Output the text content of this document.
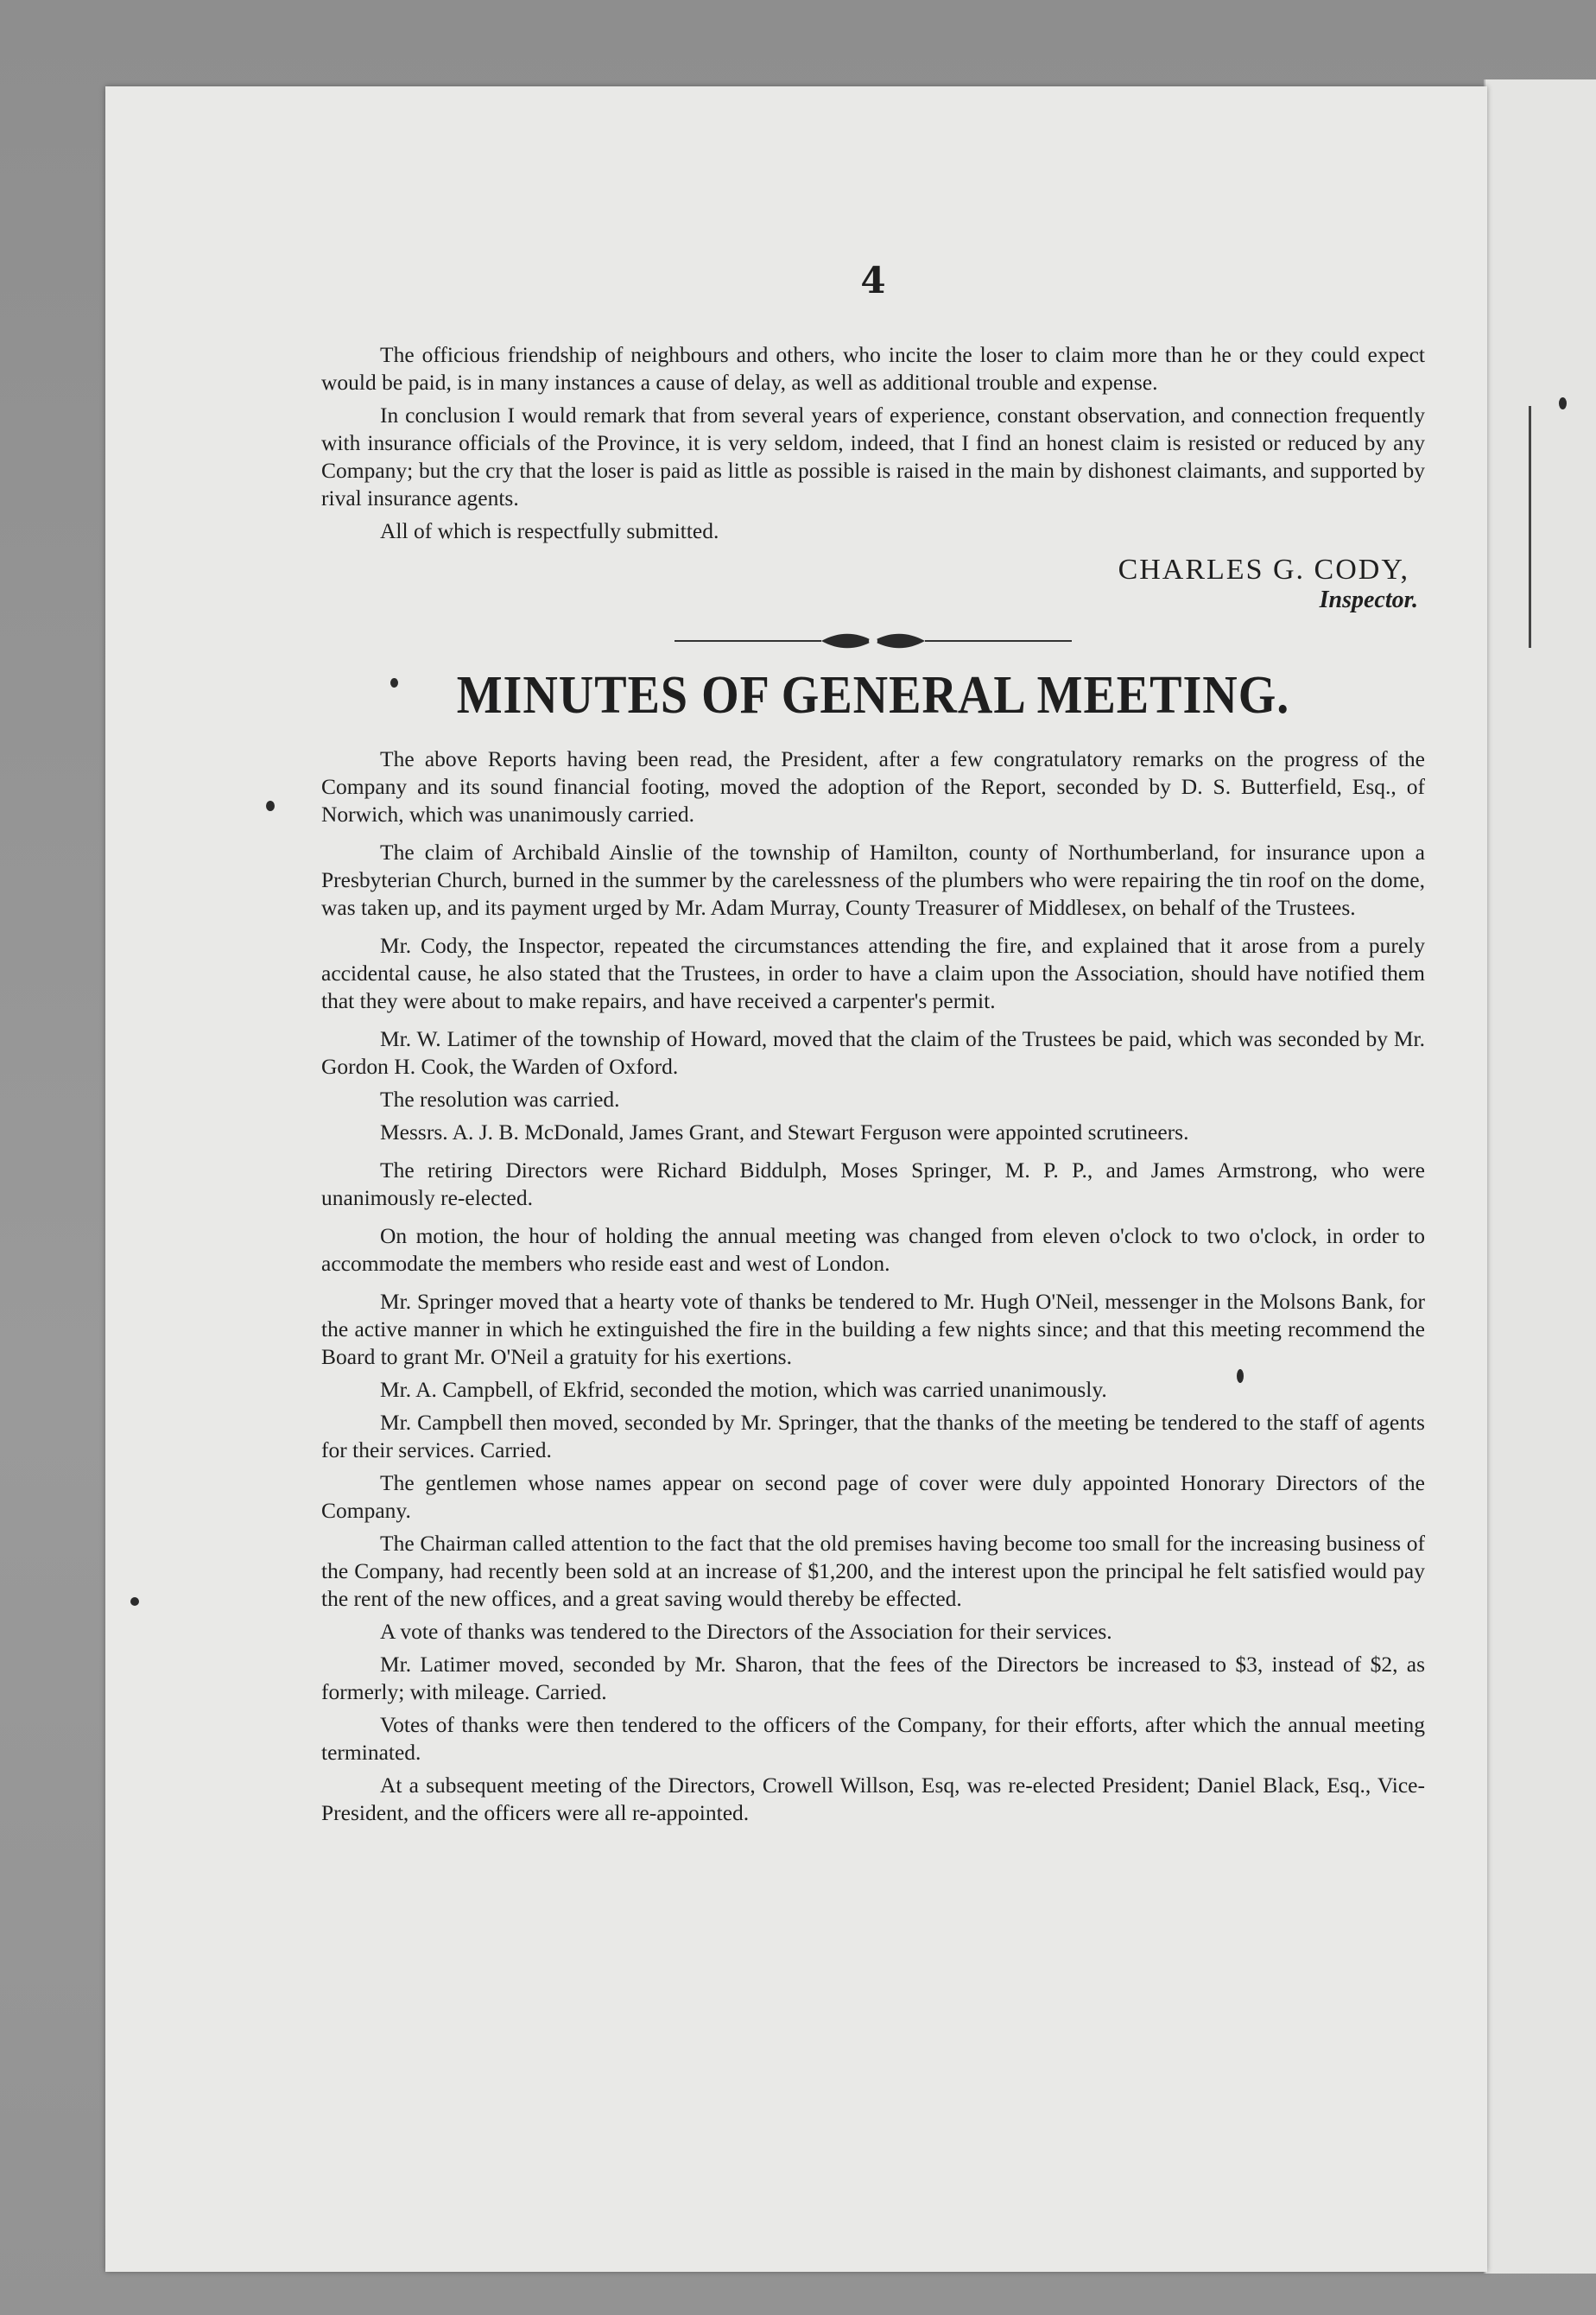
4

The officious friendship of neighbours and others, who incite the loser to claim more than he or they could expect would be paid, is in many instances a cause of delay, as well as additional trouble and expense.

In conclusion I would remark that from several years of experience, constant observation, and connection frequently with insurance officials of the Province, it is very seldom, indeed, that I find an honest claim is resisted or reduced by any Company; but the cry that the loser is paid as little as possible is raised in the main by dishonest claimants, and supported by rival insurance agents.

All of which is respectfully submitted.

CHARLES G. CODY,
Inspector.
MINUTES OF GENERAL MEETING.

The above Reports having been read, the President, after a few congratulatory remarks on the progress of the Company and its sound financial footing, moved the adoption of the Report, seconded by D. S. Butterfield, Esq., of Norwich, which was unanimously carried.

The claim of Archibald Ainslie of the township of Hamilton, county of Northumberland, for insurance upon a Presbyterian Church, burned in the summer by the carelessness of the plumbers who were repairing the tin roof on the dome, was taken up, and its payment urged by Mr. Adam Murray, County Treasurer of Middlesex, on behalf of the Trustees.

Mr. Cody, the Inspector, repeated the circumstances attending the fire, and explained that it arose from a purely accidental cause, he also stated that the Trustees, in order to have a claim upon the Association, should have notified them that they were about to make repairs, and have received a carpenter's permit.

Mr. W. Latimer of the township of Howard, moved that the claim of the Trustees be paid, which was seconded by Mr. Gordon H. Cook, the Warden of Oxford.

The resolution was carried.

Messrs. A. J. B. McDonald, James Grant, and Stewart Ferguson were appointed scrutineers.

The retiring Directors were Richard Biddulph, Moses Springer, M. P. P., and James Armstrong, who were unanimously re-elected.

On motion, the hour of holding the annual meeting was changed from eleven o'clock to two o'clock, in order to accommodate the members who reside east and west of London.

Mr. Springer moved that a hearty vote of thanks be tendered to Mr. Hugh O'Neil, messenger in the Molsons Bank, for the active manner in which he extinguished the fire in the building a few nights since; and that this meeting recommend the Board to grant Mr. O'Neil a gratuity for his exertions.

Mr. A. Campbell, of Ekfrid, seconded the motion, which was carried unanimously.

Mr. Campbell then moved, seconded by Mr. Springer, that the thanks of the meeting be tendered to the staff of agents for their services. Carried.

The gentlemen whose names appear on second page of cover were duly appointed Honorary Directors of the Company.

The Chairman called attention to the fact that the old premises having become too small for the increasing business of the Company, had recently been sold at an increase of $1,200, and the interest upon the principal he felt satisfied would pay the rent of the new offices, and a great saving would thereby be effected.

A vote of thanks was tendered to the Directors of the Association for their services.

Mr. Latimer moved, seconded by Mr. Sharon, that the fees of the Directors be increased to $3, instead of $2, as formerly; with mileage. Carried.

Votes of thanks were then tendered to the officers of the Company, for their efforts, after which the annual meeting terminated.

At a subsequent meeting of the Directors, Crowell Willson, Esq, was re-elected President; Daniel Black, Esq., Vice-President, and the officers were all re-appointed.
